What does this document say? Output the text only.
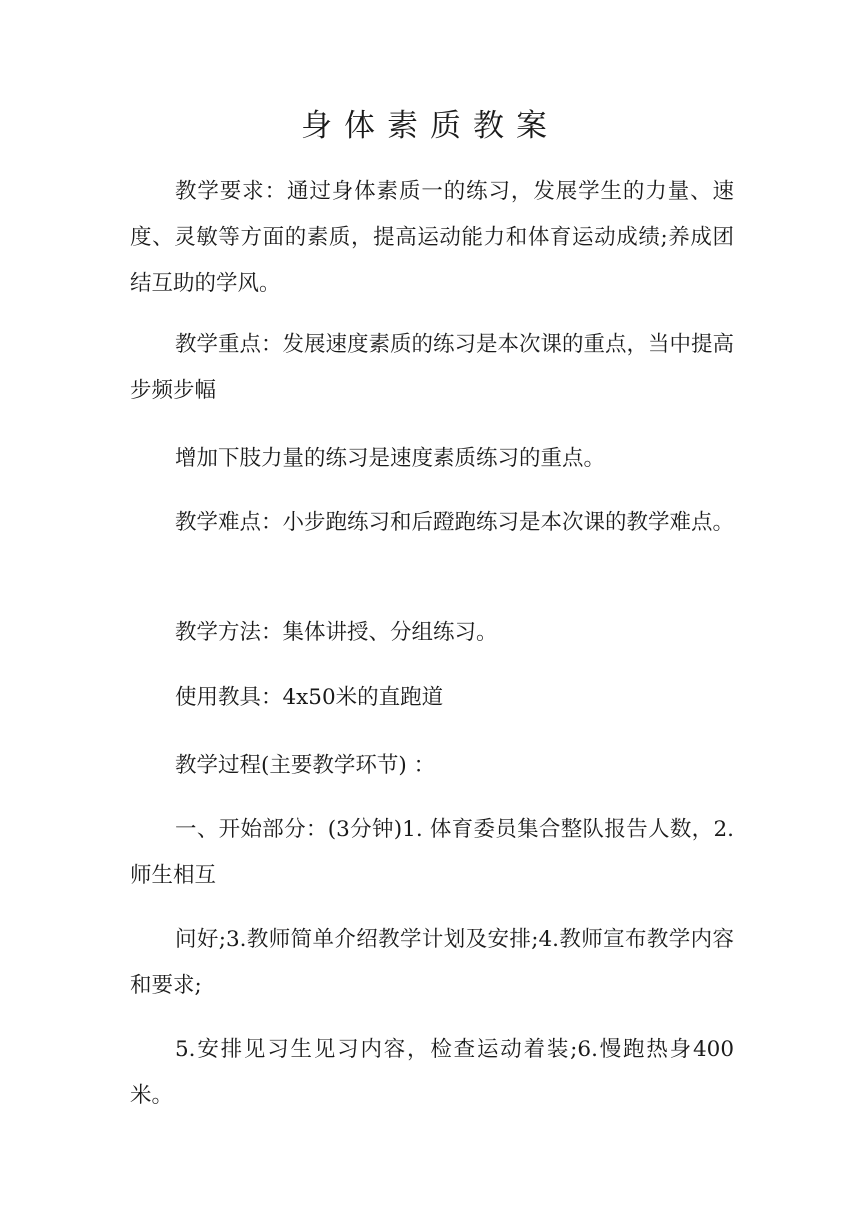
身体素质教案
教学要求：通过身体素质一的练习，发展学生的力量、速度、灵敏等方面的素质，提高运动能力和体育运动成绩;养成团结互助的学风。
教学重点：发展速度素质的练习是本次课的重点，当中提高步频步幅
增加下肢力量的练习是速度素质练习的重点。
教学难点：小步跑练习和后蹬跑练习是本次课的教学难点。
教学方法：集体讲授、分组练习。
使用教具：4x50米的直跑道
教学过程(主要教学环节) ：
一、开始部分：(3分钟)1. 体育委员集合整队报告人数，2.师生相互
问好;3.教师简单介绍教学计划及安排;4.教师宣布教学内容和要求;
5.安排见习生见习内容，检查运动着装;6.慢跑热身400米。
